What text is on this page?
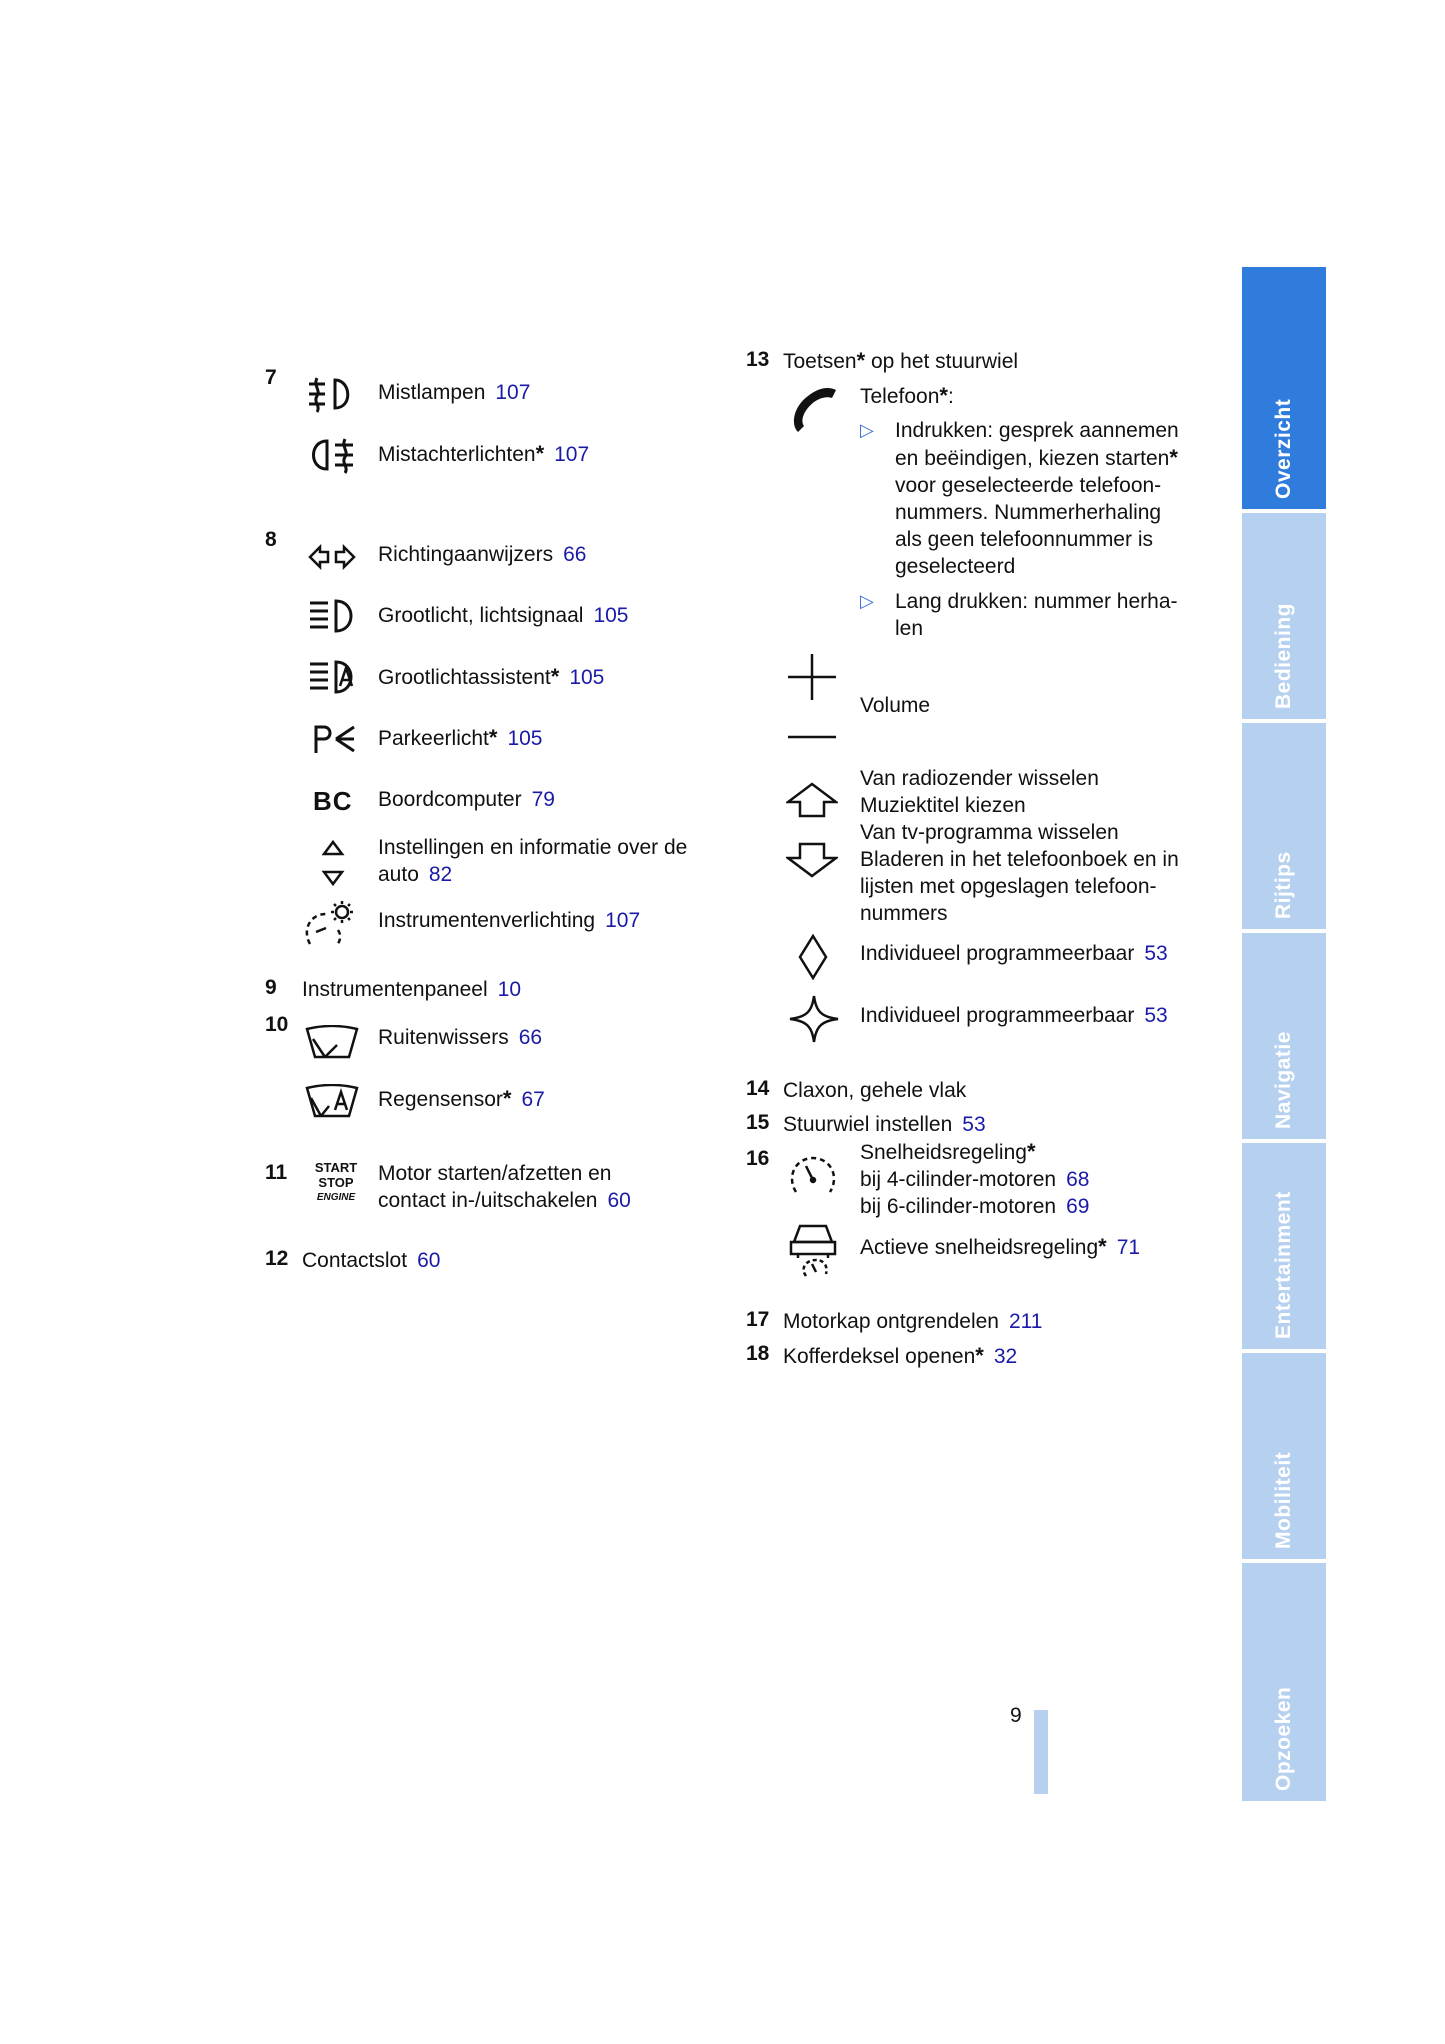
7
Mistlampen 107
Mistachterlichten* 107
8
Richtingaanwijzers 66
Grootlicht, lichtsignaal 105
Grootlichtassistent* 105
Parkeerlicht* 105
BC Boordcomputer 79
Instellingen en informatie over de
auto 82
Instrumentenverlichting 107
9 Instrumentenpaneel 10
10
Ruitenwissers 66
Regensensor* 67
11	START
STOP
ENGINE
Motor starten/afzetten en
contact in-/uitschakelen 60
12 Contactslot 60
13 Toetsen* op het stuurwiel
Telefoon*:
▷ Indrukken: gesprek aannemen
en beëindigen, kiezen starten*
voor geselecteerde telefoon-
nummers. Nummerherhaling
als geen telefoonnummer is
geselecteerd
▷ Lang drukken: nummer herha-
len
Volume
Van radiozender wisselen
Muziektitel kiezen
Van tv-programma wisselen
Bladeren in het telefoonboek en in
lijsten met opgeslagen telefoon-
nummers
Individueel programmeerbaar 53
Individueel programmeerbaar 53
14 Claxon, gehele vlak
15 Stuurwiel instellen 53
16	Snelheidsregeling*
bij 4-cilinder-motoren 68
bij 6-cilinder-motoren 69
Actieve snelheidsregeling* 71
17 Motorkap ontgrendelen 211
18 Kofferdeksel openen* 32
9
Overzicht
Bediening
Rijtips
Navigatie
Entertainment
Mobiliteit
Opzoeken
